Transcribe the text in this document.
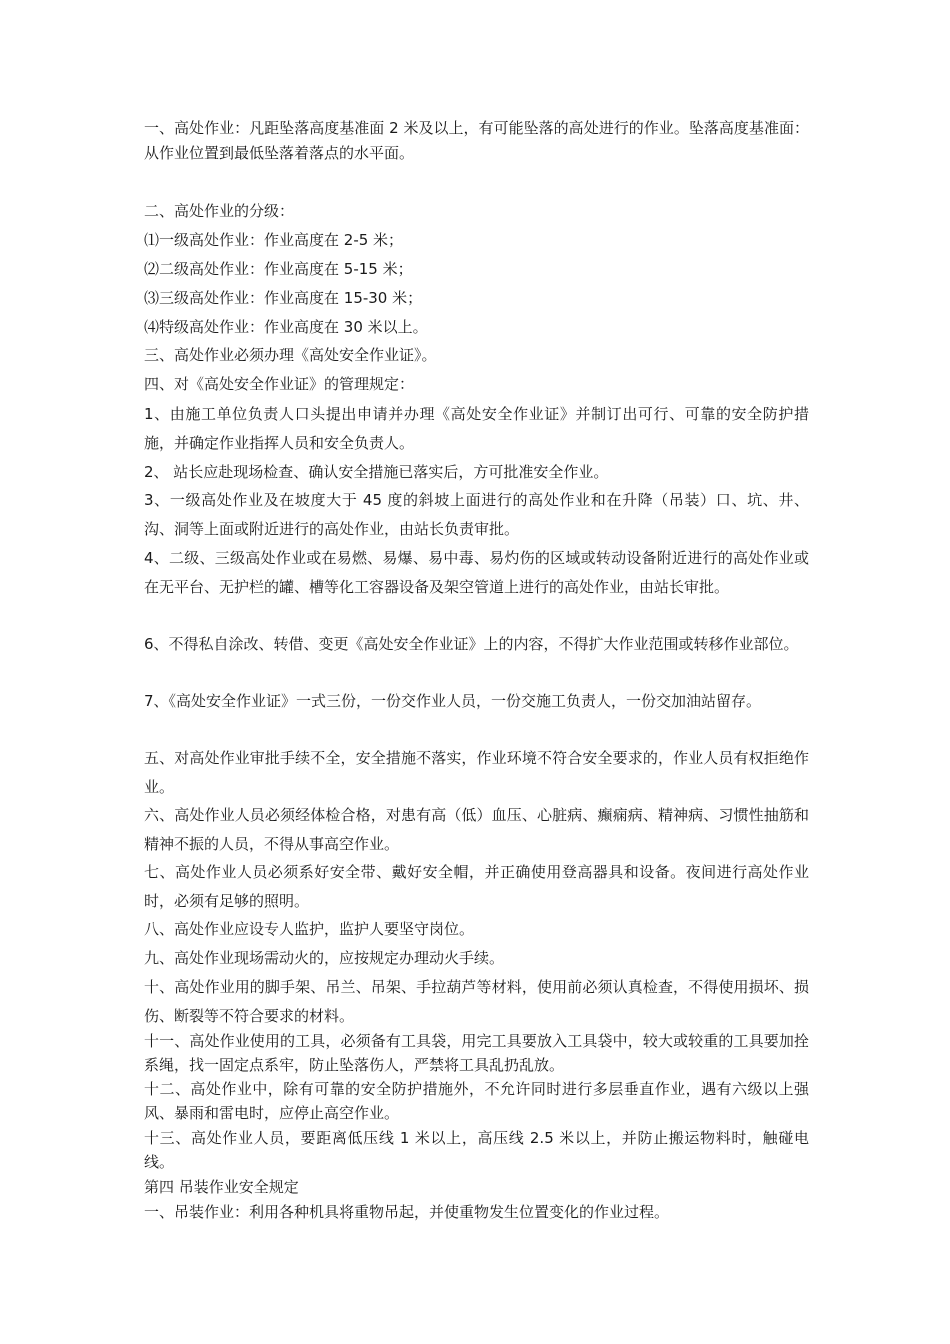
一、高处作业：凡距坠落高度基准面 2 米及以上，有可能坠落的高处进行的作业。坠落高度基准面：从作业位置到最低坠落着落点的水平面。

二、高处作业的分级：

⑴一级高处作业：作业高度在 2-5 米；

⑵二级高处作业：作业高度在 5-15 米；

⑶三级高处作业：作业高度在 15-30 米；

⑷特级高处作业：作业高度在 30 米以上。

三、高处作业必须办理《高处安全作业证》。

四、对《高处安全作业证》的管理规定：

1、由施工单位负责人口头提出申请并办理《高处安全作业证》并制订出可行、可靠的安全防护措施，并确定作业指挥人员和安全负责人。

2、 站长应赴现场检查、确认安全措施已落实后，方可批准安全作业。

3、一级高处作业及在坡度大于 45 度的斜坡上面进行的高处作业和在升降（吊装）口、坑、井、沟、洞等上面或附近进行的高处作业，由站长负责审批。

4、二级、三级高处作业或在易燃、易爆、易中毒、易灼伤的区域或转动设备附近进行的高处作业或在无平台、无护栏的罐、槽等化工容器设备及架空管道上进行的高处作业，由站长审批。

6、不得私自涂改、转借、变更《高处安全作业证》上的内容，不得扩大作业范围或转移作业部位。

7、《高处安全作业证》一式三份，一份交作业人员，一份交施工负责人，一份交加油站留存。

五、对高处作业审批手续不全，安全措施不落实，作业环境不符合安全要求的，作业人员有权拒绝作业。

六、高处作业人员必须经体检合格，对患有高（低）血压、心脏病、癫痫病、精神病、习惯性抽筋和精神不振的人员，不得从事高空作业。

七、高处作业人员必须系好安全带、戴好安全帽，并正确使用登高器具和设备。夜间进行高处作业时，必须有足够的照明。

八、高处作业应设专人监护，监护人要坚守岗位。

九、高处作业现场需动火的，应按规定办理动火手续。

十、高处作业用的脚手架、吊兰、吊架、手拉葫芦等材料，使用前必须认真检查，不得使用损坏、损伤、断裂等不符合要求的材料。

十一、高处作业使用的工具，必须备有工具袋，用完工具要放入工具袋中，较大或较重的工具要加拴系绳，找一固定点系牢，防止坠落伤人，严禁将工具乱扔乱放。

十二、高处作业中，除有可靠的安全防护措施外，不允许同时进行多层垂直作业，遇有六级以上强风、暴雨和雷电时，应停止高空作业。

十三、高处作业人员，要距离低压线 1 米以上，高压线 2.5 米以上，并防止搬运物料时，触碰电线。

第四 吊装作业安全规定

一、吊装作业：利用各种机具将重物吊起，并使重物发生位置变化的作业过程。
